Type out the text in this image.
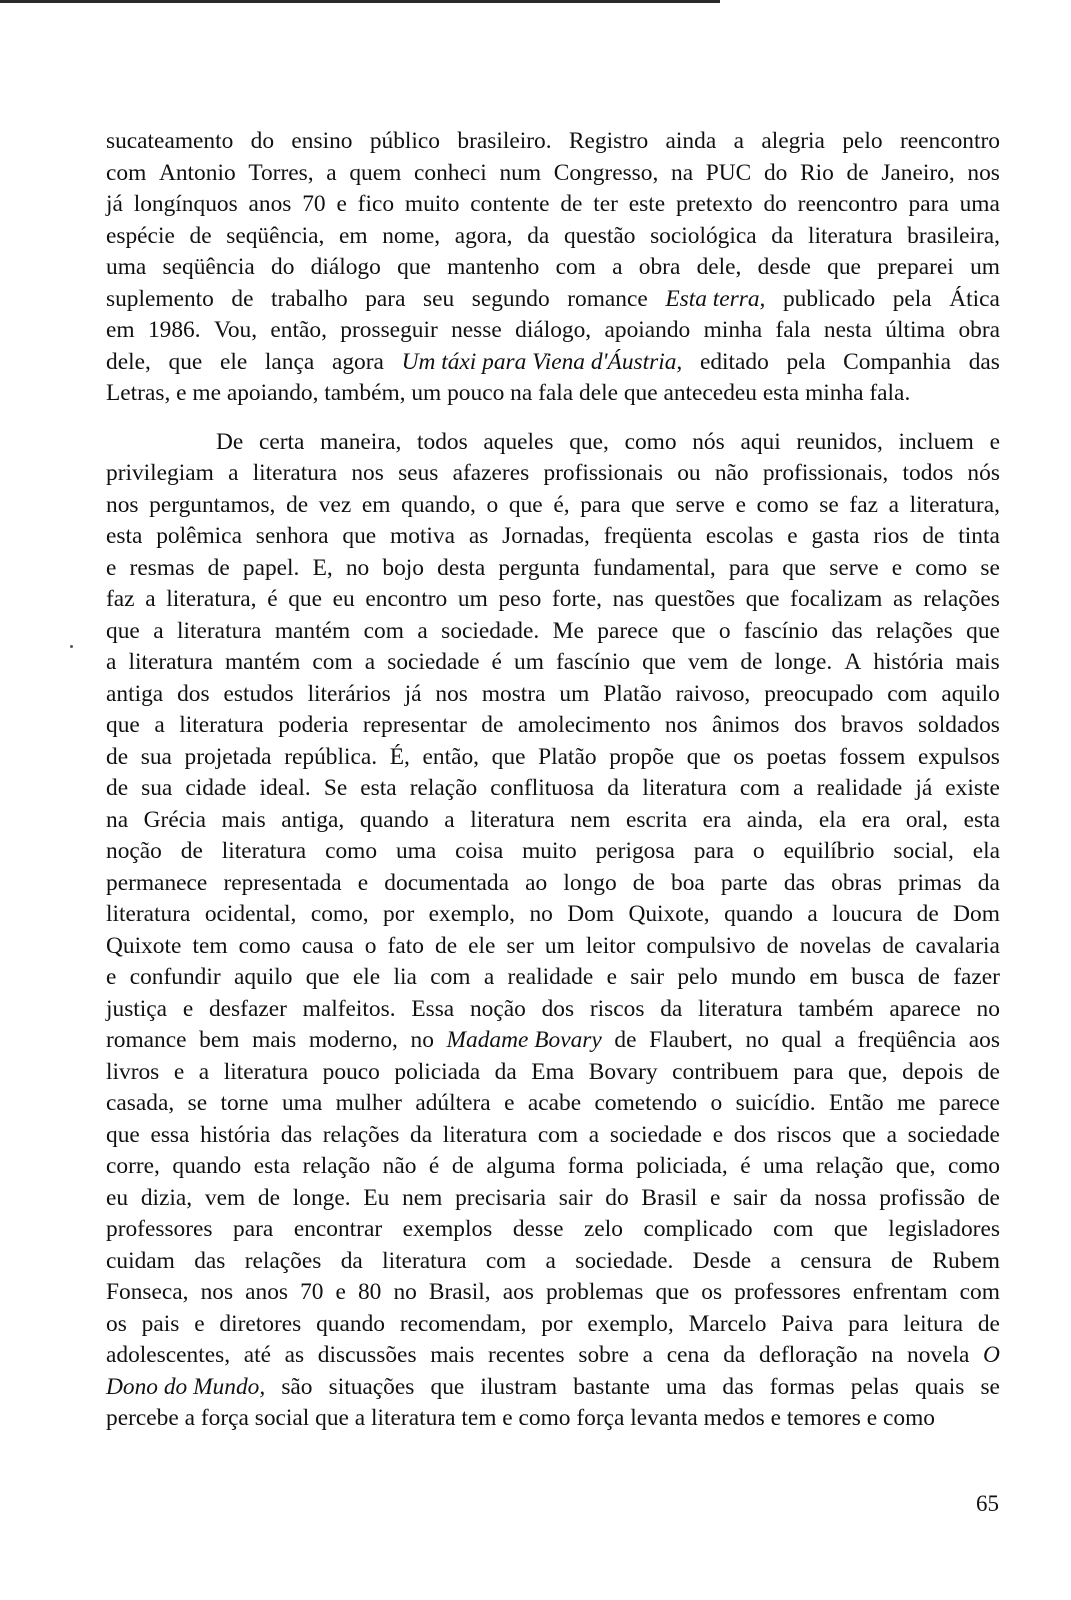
sucateamento do ensino público brasileiro. Registro ainda a alegria pelo reencontro
com Antonio Torres, a quem conheci num Congresso, na PUC do Rio de Janeiro, nos
já longínquos anos 70 e fico muito contente de ter este pretexto do reencontro para uma
espécie de seqüência, em nome, agora, da questão sociológica da literatura brasileira,
uma seqüência do diálogo que mantenho com a obra dele, desde que preparei um
suplemento de trabalho para seu segundo romance Esta terra, publicado pela Ática
em 1986. Vou, então, prosseguir nesse diálogo, apoiando minha fala nesta última obra
dele, que ele lança agora Um táxi para Viena d'Áustria, editado pela Companhia das
Letras,
e
me
apoiando,
também,
um
pouco
na
fala
dele
que
antecedeu
esta
minha
fala.
De certa maneira, todos aqueles que, como nós aqui reunidos, incluem e
privilegiam a literatura nos seus afazeres profissionais ou não profissionais, todos nós
nos perguntamos, de vez em quando, o que é, para que serve e como se faz a literatura,
esta polêmica senhora que motiva as Jornadas, freqüenta escolas e gasta rios de tinta
e resmas de papel. E, no bojo desta pergunta fundamental, para que serve e como se
faz a literatura, é que eu encontro um peso forte, nas questões que focalizam as relações
que a literatura mantém com a sociedade. Me parece que o fascínio das relações que
a literatura mantém com a sociedade é um fascínio que vem de longe. A história mais
antiga dos estudos literários já nos mostra um Platão raivoso, preocupado com aquilo
que a literatura poderia representar de amolecimento nos ânimos dos bravos soldados
de sua projetada república. É, então, que Platão propõe que os poetas fossem expulsos
de sua cidade ideal. Se esta relação conflituosa da literatura com a realidade já existe
na Grécia mais antiga, quando a literatura nem escrita era ainda, ela era oral, esta
noção de literatura como uma coisa muito perigosa para o equilíbrio social, ela
permanece representada e documentada ao longo de boa parte das obras primas da
literatura ocidental, como, por exemplo, no Dom Quixote, quando a loucura de Dom
Quixote tem como causa o fato de ele ser um leitor compulsivo de novelas de cavalaria
e confundir aquilo que ele lia com a realidade e sair pelo mundo em busca de fazer
justiça e desfazer malfeitos. Essa noção dos riscos da literatura também aparece no
romance bem mais moderno, no Madame Bovary de Flaubert, no qual a freqüência aos
livros e a literatura pouco policiada da Ema Bovary contribuem para que, depois de
casada, se torne uma mulher adúltera e acabe cometendo o suicídio. Então me parece
que essa história das relações da literatura com a sociedade e dos riscos que a sociedade
corre, quando esta relação não é de alguma forma policiada, é uma relação que, como
eu dizia, vem de longe. Eu nem precisaria sair do Brasil e sair da nossa profissão de
professores para encontrar exemplos desse zelo complicado com que legisladores
cuidam das relações da literatura com a sociedade. Desde a censura de Rubem
Fonseca, nos anos 70 e 80 no Brasil, aos problemas que os professores enfrentam com
os pais e diretores quando recomendam, por exemplo, Marcelo Paiva para leitura de
adolescentes, até as discussões mais recentes sobre a cena da defloração na novela O
Dono do Mundo, são situações que ilustram bastante uma das formas pelas quais se
percebe
a
força
social
que
a
literatura
tem
e
como
força
levanta
medos
e
temores
e
como
65
